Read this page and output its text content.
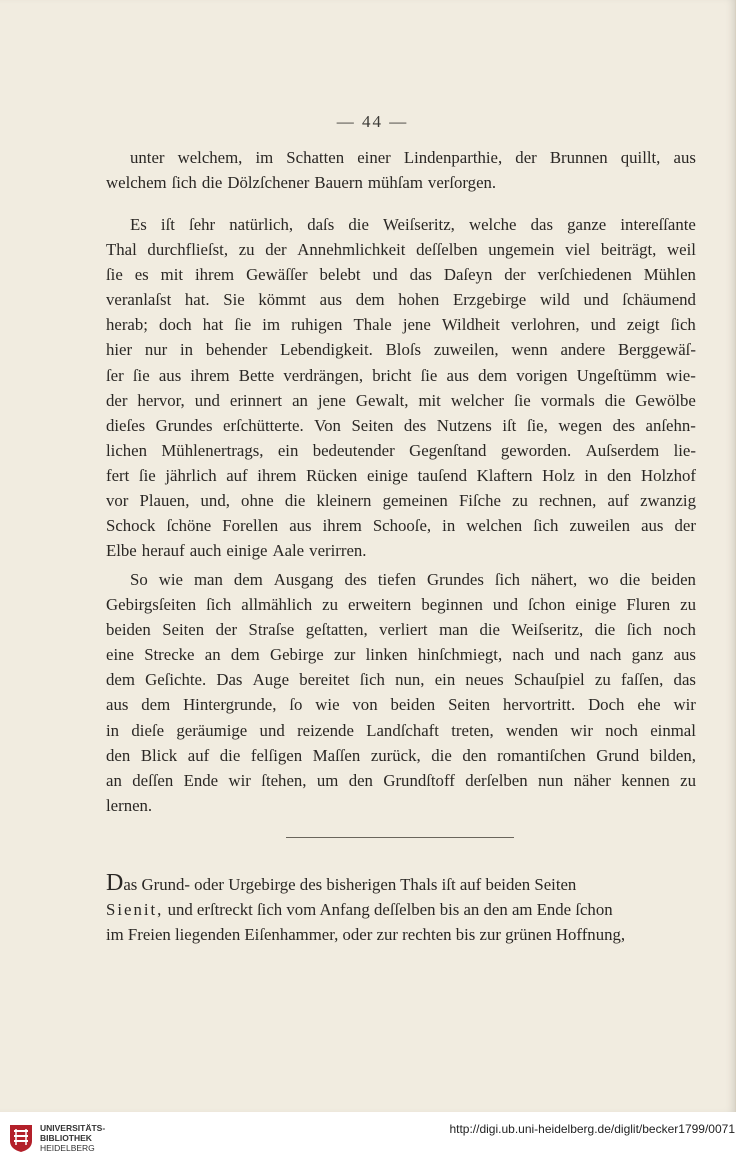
— 44 —
unter welchem, im Schatten einer Lindenparthie, der Brunnen quillt, aus
welchem ſich die Dölzſchener Bauern mühſam verſorgen.
Es iſt ſehr natürlich, daſs die Weiſseritz, welche das ganze intereſſante
Thal durchflieſst, zu der Annehmlichkeit deſſelben ungemein viel beiträgt, weil
ſie es mit ihrem Gewäſſer belebt und das Daſeyn der verſchiedenen Mühlen
veranlaſst hat. Sie kömmt aus dem hohen Erzgebirge wild und ſchäumend
herab; doch hat ſie im ruhigen Thale jene Wildheit verlohren, und zeigt ſich
hier nur in behender Lebendigkeit. Bloſs zuweilen, wenn andere Berggewäſ-
ſer ſie aus ihrem Bette verdrängen, bricht ſie aus dem vorigen Ungeſtümm wie-
der hervor, und erinnert an jene Gewalt, mit welcher ſie vormals die Gewölbe
dieſes Grundes erſchütterte. Von Seiten des Nutzens iſt ſie, wegen des anſehn-
lichen Mühlenertrags, ein bedeutender Gegenſtand geworden. Auſserdem lie-
fert ſie jährlich auf ihrem Rücken einige tauſend Klaftern Holz in den Holzhof
vor Plauen, und, ohne die kleinern gemeinen Fiſche zu rechnen, auf zwanzig
Schock ſchöne Forellen aus ihrem Schooſe, in welchen ſich zuweilen aus der
Elbe herauf auch einige Aale verirren.
So wie man dem Ausgang des tiefen Grundes ſich nähert, wo die beiden
Gebirgsſeiten ſich allmählich zu erweitern beginnen und ſchon einige Fluren zu
beiden Seiten der Straſse geſtatten, verliert man die Weiſseritz, die ſich noch
eine Strecke an dem Gebirge zur linken hinſchmiegt, nach und nach ganz aus
dem Geſichte. Das Auge bereitet ſich nun, ein neues Schauſpiel zu faſſen, das
aus dem Hintergrunde, ſo wie von beiden Seiten hervortritt. Doch ehe wir
in dieſe geräumige und reizende Landſchaft treten, wenden wir noch einmal
den Blick auf die felſigen Maſſen zurück, die den romantiſchen Grund bilden,
an deſſen Ende wir ſtehen, um den Grundſtoff derſelben nun näher kennen zu
lernen.
Das Grund- oder Urgebirge des bisherigen Thals iſt auf beiden Seiten
Sienit, und erſtreckt ſich vom Anfang deſſelben bis an den am Ende ſchon
im Freien liegenden Eiſenhammer, oder zur rechten bis zur grünen Hoffnung,
UNIVERSITÄTS-
BIBLIOTHEK
HEIDELBERG
http://digi.ub.uni-heidelberg.de/diglit/becker1799/0071
